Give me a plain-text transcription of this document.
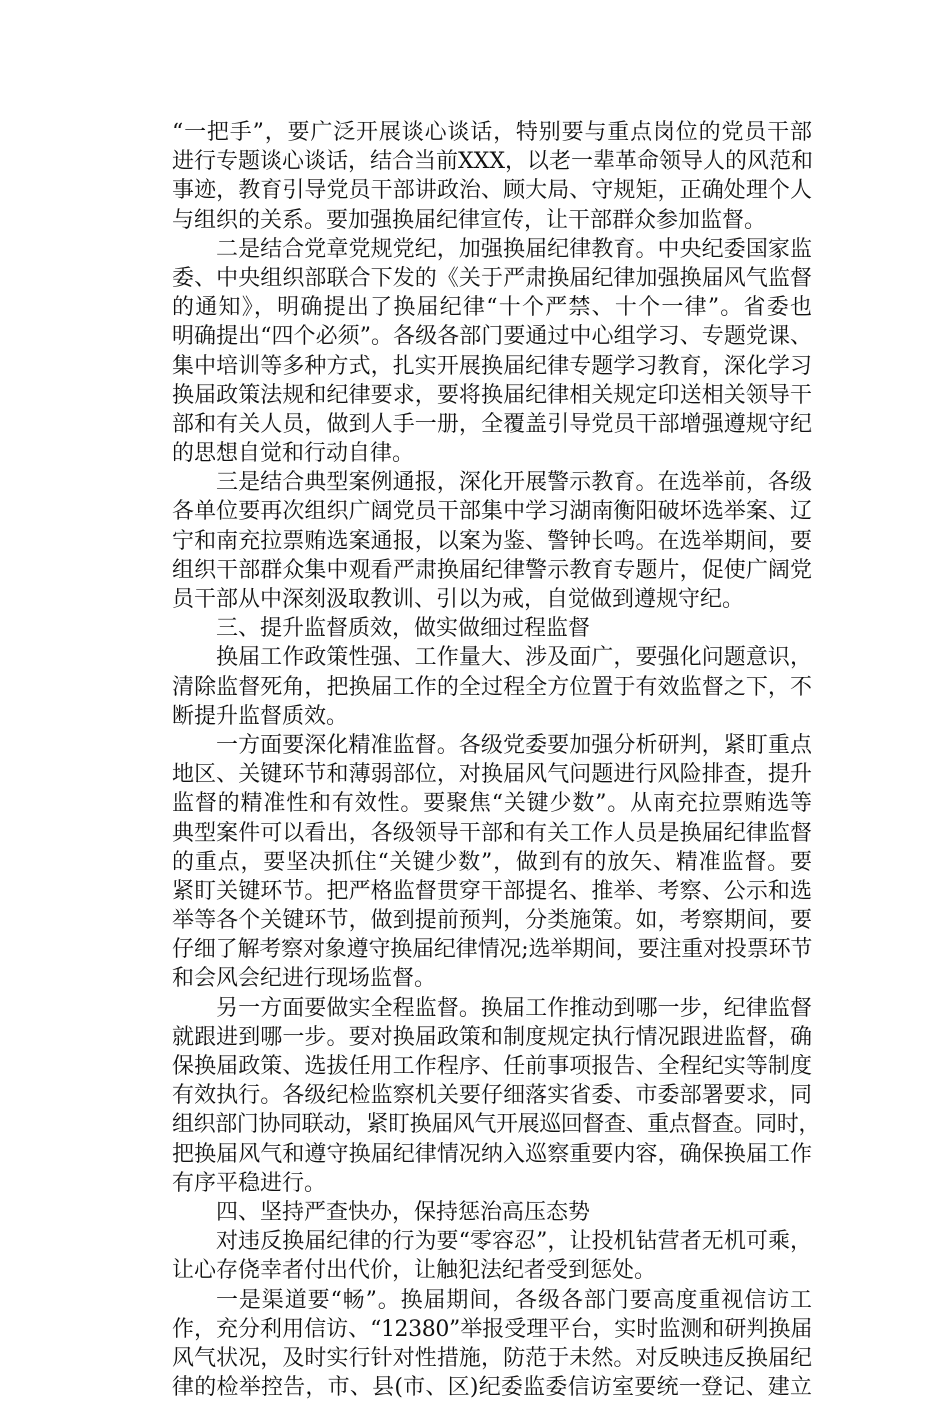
“一把手”，要广泛开展谈心谈话，特别要与重点岗位的党员干部
进行专题谈心谈话，结合当前XXX，以老一辈革命领导人的风范和
事迹，教育引导党员干部讲政治、顾大局、守规矩，正确处理个人
与组织的关系。要加强换届纪律宣传，让干部群众参加监督。
二是结合党章党规党纪，加强换届纪律教育。中央纪委国家监
委、中央组织部联合下发的《关于严肃换届纪律加强换届风气监督
的通知》，明确提出了换届纪律“十个严禁、十个一律”。省委也
明确提出“四个必须”。各级各部门要通过中心组学习、专题党课、
集中培训等多种方式，扎实开展换届纪律专题学习教育，深化学习
换届政策法规和纪律要求，要将换届纪律相关规定印送相关领导干
部和有关人员，做到人手一册，全覆盖引导党员干部增强遵规守纪
的思想自觉和行动自律。
三是结合典型案例通报，深化开展警示教育。在选举前，各级
各单位要再次组织广阔党员干部集中学习湖南衡阳破坏选举案、辽
宁和南充拉票贿选案通报，以案为鉴、警钟长鸣。在选举期间，要
组织干部群众集中观看严肃换届纪律警示教育专题片，促使广阔党
员干部从中深刻汲取教训、引以为戒，自觉做到遵规守纪。
三、提升监督质效，做实做细过程监督
换届工作政策性强、工作量大、涉及面广，要强化问题意识，
清除监督死角，把换届工作的全过程全方位置于有效监督之下，不
断提升监督质效。
一方面要深化精准监督。各级党委要加强分析研判，紧盯重点
地区、关键环节和薄弱部位，对换届风气问题进行风险排查，提升
监督的精准性和有效性。要聚焦“关键少数”。从南充拉票贿选等
典型案件可以看出，各级领导干部和有关工作人员是换届纪律监督
的重点，要坚决抓住“关键少数”，做到有的放矢、精准监督。要
紧盯关键环节。把严格监督贯穿干部提名、推举、考察、公示和选
举等各个关键环节，做到提前预判，分类施策。如，考察期间，要
仔细了解考察对象遵守换届纪律情况;选举期间，要注重对投票环节
和会风会纪进行现场监督。
另一方面要做实全程监督。换届工作推动到哪一步，纪律监督
就跟进到哪一步。要对换届政策和制度规定执行情况跟进监督，确
保换届政策、选拔任用工作程序、任前事项报告、全程纪实等制度
有效执行。各级纪检监察机关要仔细落实省委、市委部署要求，同
组织部门协同联动，紧盯换届风气开展巡回督查、重点督查。同时，
把换届风气和遵守换届纪律情况纳入巡察重要内容，确保换届工作
有序平稳进行。
四、坚持严查快办，保持惩治高压态势
对违反换届纪律的行为要“零容忍”，让投机钻营者无机可乘，
让心存侥幸者付出代价，让触犯法纪者受到惩处。
一是渠道要“畅”。换届期间，各级各部门要高度重视信访工
作，充分利用信访、“12380”举报受理平台，实时监测和研判换届
风气状况，及时实行针对性措施，防范于未然。对反映违反换届纪
律的检举控告，市、县(市、区)纪委监委信访室要统一登记、建立
